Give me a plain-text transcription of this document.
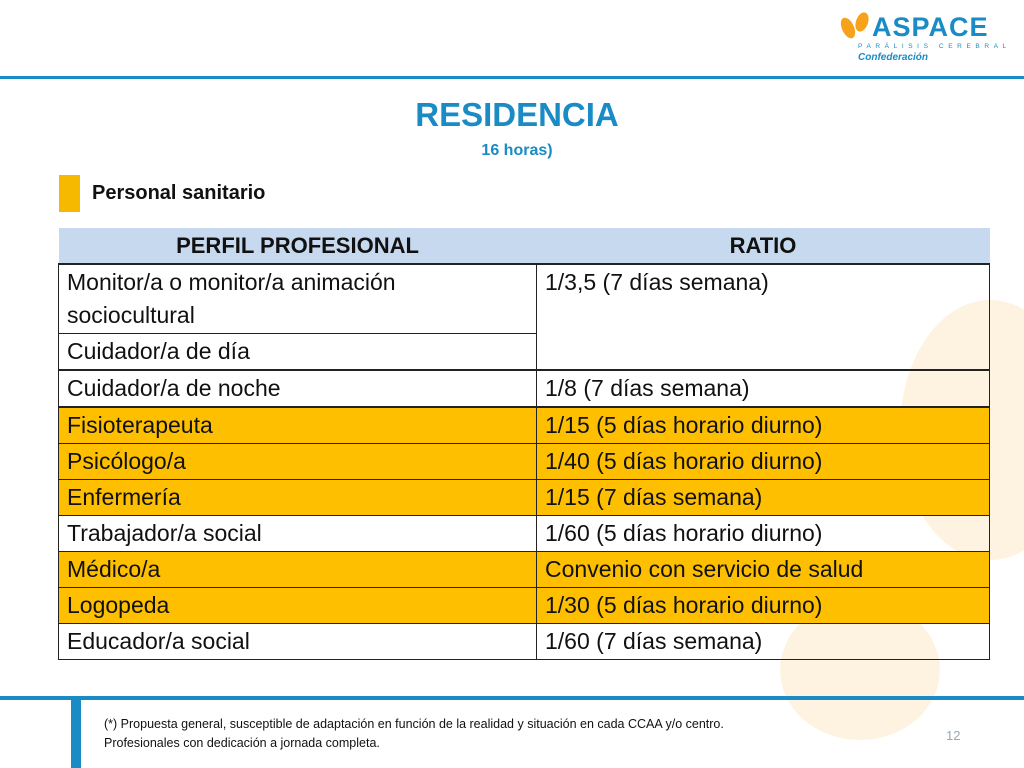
ASPACE
PARÁLISIS CEREBRAL
Confederación
RESIDENCIA
16 horas)
Personal sanitario
PERFIL PROFESIONAL	RATIO
Monitor/a o monitor/a animación sociocultural	1/3,5 (7 días semana)
Cuidador/a de día	
Cuidador/a de noche	1/8 (7 días semana)
Fisioterapeuta	1/15 (5 días horario diurno)
Psicólogo/a	1/40 (5 días horario diurno)
Enfermería	1/15 (7 días semana)
Trabajador/a social	1/60 (5 días horario diurno)
Médico/a	Convenio con servicio de salud
Logopeda	1/30 (5 días horario diurno)
Educador/a social	1/60 (7 días semana)
(*) Propuesta general, susceptible de adaptación en función de la realidad y situación en cada CCAA y/o centro.
Profesionales con dedicación a jornada completa.	12
